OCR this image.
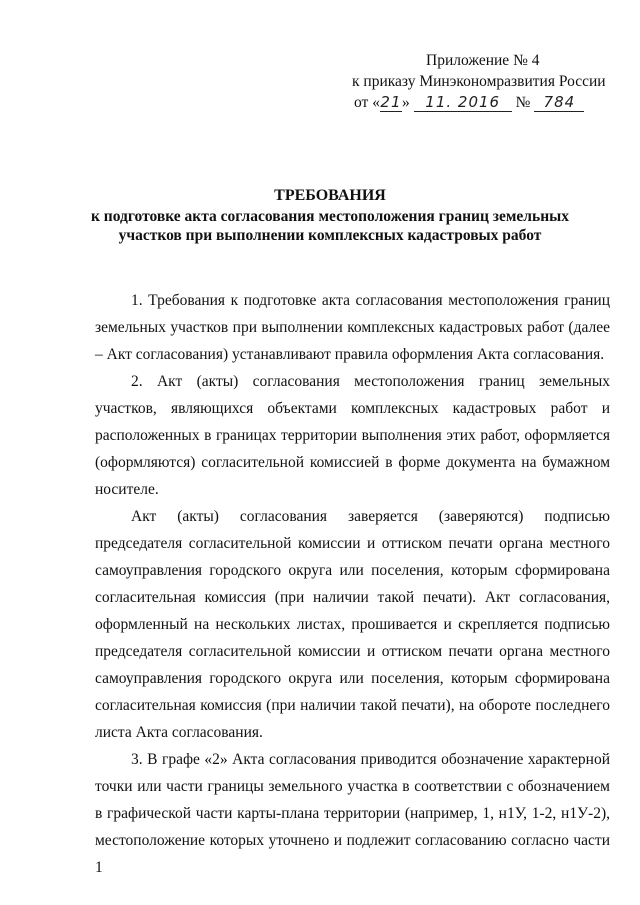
Приложение № 4
к приказу Минэкономразвития России
от «21» 11. 2016 № 784
ТРЕБОВАНИЯ
к подготовке акта согласования местоположения границ земельных
участков при выполнении комплексных кадастровых работ

1. Требования к подготовке акта согласования местоположения границ земельных участков при выполнении комплексных кадастровых работ (далее – Акт согласования) устанавливают правила оформления Акта согласования.

2. Акт (акты) согласования местоположения границ земельных участков, являющихся объектами комплексных кадастровых работ и расположенных в границах территории выполнения этих работ, оформляется (оформляются) согласительной комиссией в форме документа на бумажном носителе.

Акт (акты) согласования заверяется (заверяются) подписью председателя согласительной комиссии и оттиском печати органа местного самоуправления городского округа или поселения, которым сформирована согласительная комиссия (при наличии такой печати). Акт согласования, оформленный на нескольких листах, прошивается и скрепляется подписью председателя согласительной комиссии и оттиском печати органа местного самоуправления городского округа или поселения, которым сформирована согласительная комиссия (при наличии такой печати), на обороте последнего листа Акта согласования.

3. В графе «2» Акта согласования приводится обозначение характерной точки или части границы земельного участка в соответствии с обозначением в графической части карты-плана территории (например, 1, н1У, 1-2, н1У-2), местоположение которых уточнено и подлежит согласованию согласно части 1
